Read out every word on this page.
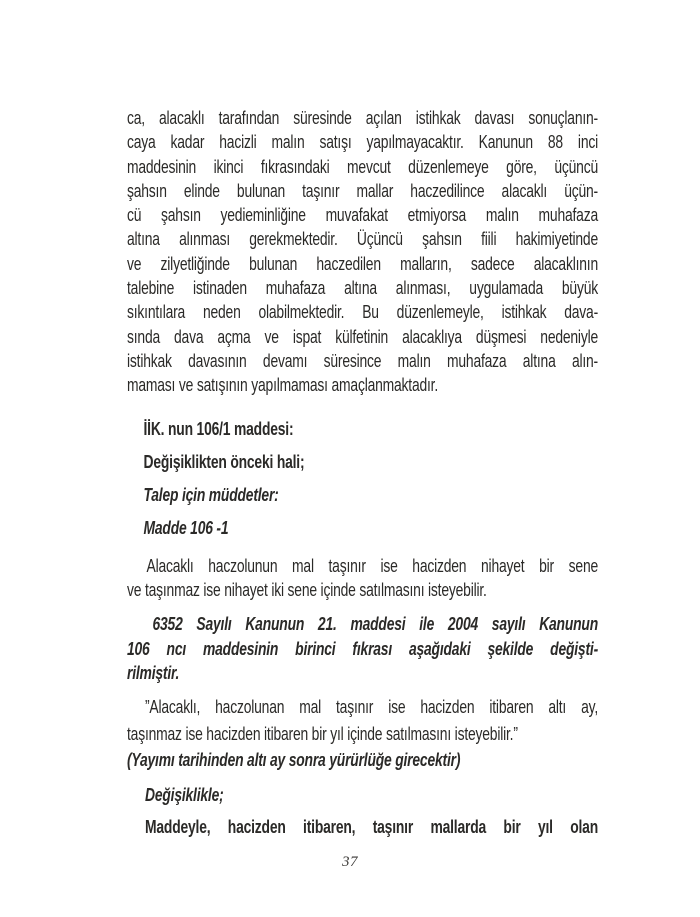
ca, alacaklı tarafından süresinde açılan istihkak davası sonuçlanın-
caya kadar hacizli malın satışı yapılmayacaktır. Kanunun 88 inci
maddesinin ikinci fıkrasındaki mevcut düzenlemeye göre, üçüncü
şahsın elinde bulunan taşınır mallar haczedilince alacaklı üçün-
cü şahsın yedieminliğine muvafakat etmiyorsa malın muhafaza
altına alınması gerekmektedir. Üçüncü şahsın fiili hakimiyetinde
ve zilyetliğinde bulunan haczedilen malların, sadece alacaklının
talebine istinaden muhafaza altına alınması, uygulamada büyük
sıkıntılara neden olabilmektedir. Bu düzenlemeyle, istihkak dava-
sında dava açma ve ispat külfetinin alacaklıya düşmesi nedeniyle
istihkak davasının devamı süresince malın muhafaza altına alın-
maması ve satışının yapılmaması amaçlanmaktadır.
İİK. nun 106/1 maddesi:
Değişiklikten önceki hali;
Talep için müddetler:
Madde 106 -1
Alacaklı haczolunun mal taşınır ise hacizden nihayet bir sene
ve taşınmaz ise nihayet iki sene içinde satılmasını isteyebilir.
6352 Sayılı Kanunun 21. maddesi ile 2004 sayılı Kanunun
106 ncı maddesinin birinci fıkrası aşağıdaki şekilde değişti-
rilmiştir.
”Alacaklı, haczolunan mal taşınır ise hacizden itibaren altı ay,
taşınmaz ise hacizden itibaren bir yıl içinde satılmasını isteyebilir.”
(Yayımı tarihinden altı ay sonra yürürlüğe girecektir)
Değişiklikle;
Maddeyle, hacizden itibaren, taşınır mallarda bir yıl olan
37
